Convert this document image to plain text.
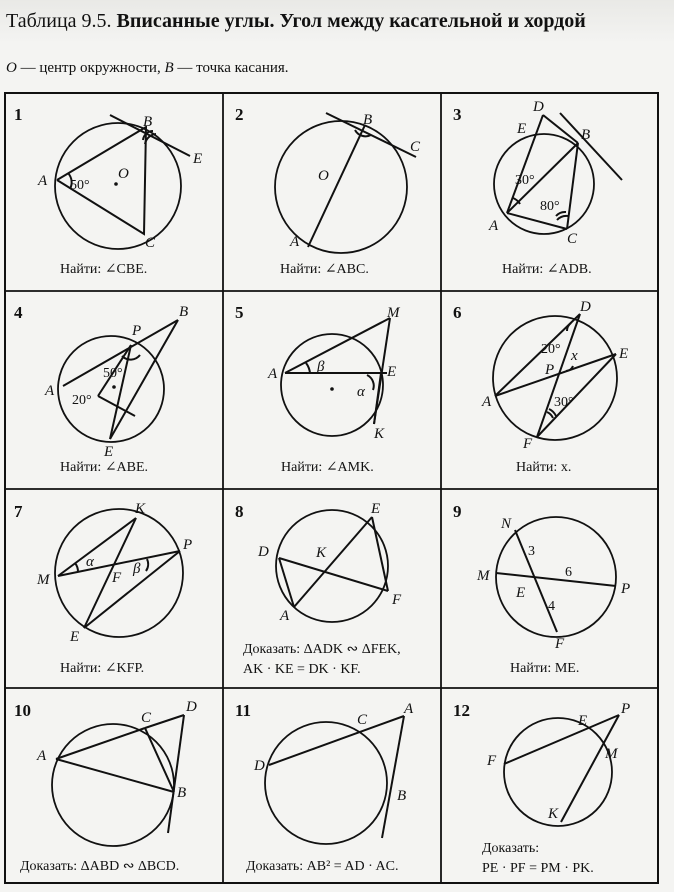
Таблица 9.5. Вписанные углы. Угол между касательной и хордой
O — центр окружности, B — точка касания.
1
A
B
C
E
O
50°
Найти: ∠CBE.
2	B
C
A
O
Найти: ∠ABC.
3	D
E	B
A
C
30°
80°
Найти: ∠ADB.
4
P
B
A
E
50°
20°
Найти: ∠ABE.
5	M
A	E
K
β
α
Найти: ∠AMK.
6	D
E
A
F
P
20° x
30°
Найти: x.
7	K
P
M	F
E
α	β
Найти: ∠KFP.
8	E
D	K
A
F
Доказать: ΔADK ∾ ΔFEK,
AK · KE = DK · KF.
9
N
M
E
F
P
3
6
4
Найти: ME.
10	C
D
A
B
Доказать: ΔABD ∾ ΔBCD.
11	C
A
D
B
Доказать: AB² = AD · AC.
12
E
P
F	M
K
Доказать:
PE · PF = PM · PK.
